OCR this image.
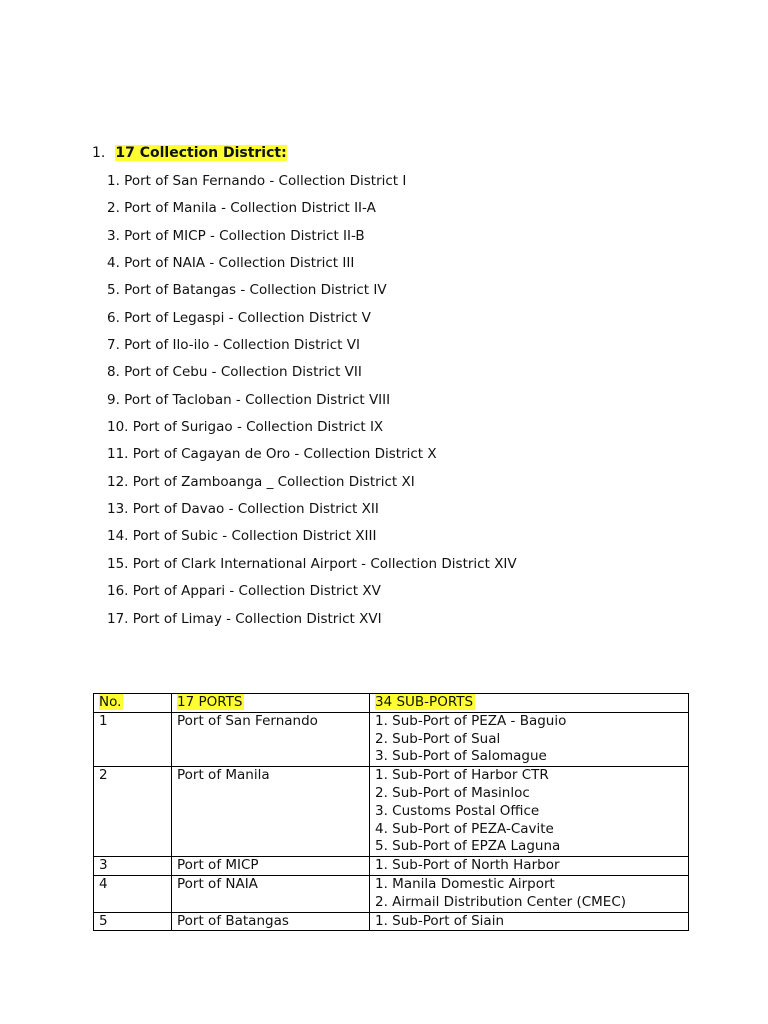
1. 17 Collection District:
1. Port of San Fernando - Collection District I
2. Port of Manila - Collection District II-A
3. Port of MICP - Collection District II-B
4. Port of NAIA - Collection District III
5. Port of Batangas - Collection District IV
6. Port of Legaspi - Collection District V
7. Port of Ilo-ilo - Collection District VI
8. Port of Cebu - Collection District VII
9. Port of Tacloban - Collection District VIII
10. Port of Surigao - Collection District IX
11. Port of Cagayan de Oro - Collection District X
12. Port of Zamboanga _ Collection District XI
13. Port of Davao - Collection District XII
14. Port of Subic - Collection District XIII
15. Port of Clark International Airport - Collection District XIV
16. Port of Appari - Collection District XV
17. Port of Limay - Collection District XVI
No.	17 PORTS	34 SUB-PORTS
1	Port of San Fernando	1. Sub-Port of PEZA - Baguio
2. Sub-Port of Sual
3. Sub-Port of Salomague

2	Port of Manila	1. Sub-Port of Harbor CTR
2. Sub-Port of Masinloc
3. Customs Postal Office
4. Sub-Port of PEZA-Cavite
5. Sub-Port of EPZA Laguna

3	Port of MICP	1. Sub-Port of North Harbor

4	Port of NAIA	1. Manila Domestic Airport
2. Airmail Distribution Center (CMEC)

5	Port of Batangas	1. Sub-Port of Siain
